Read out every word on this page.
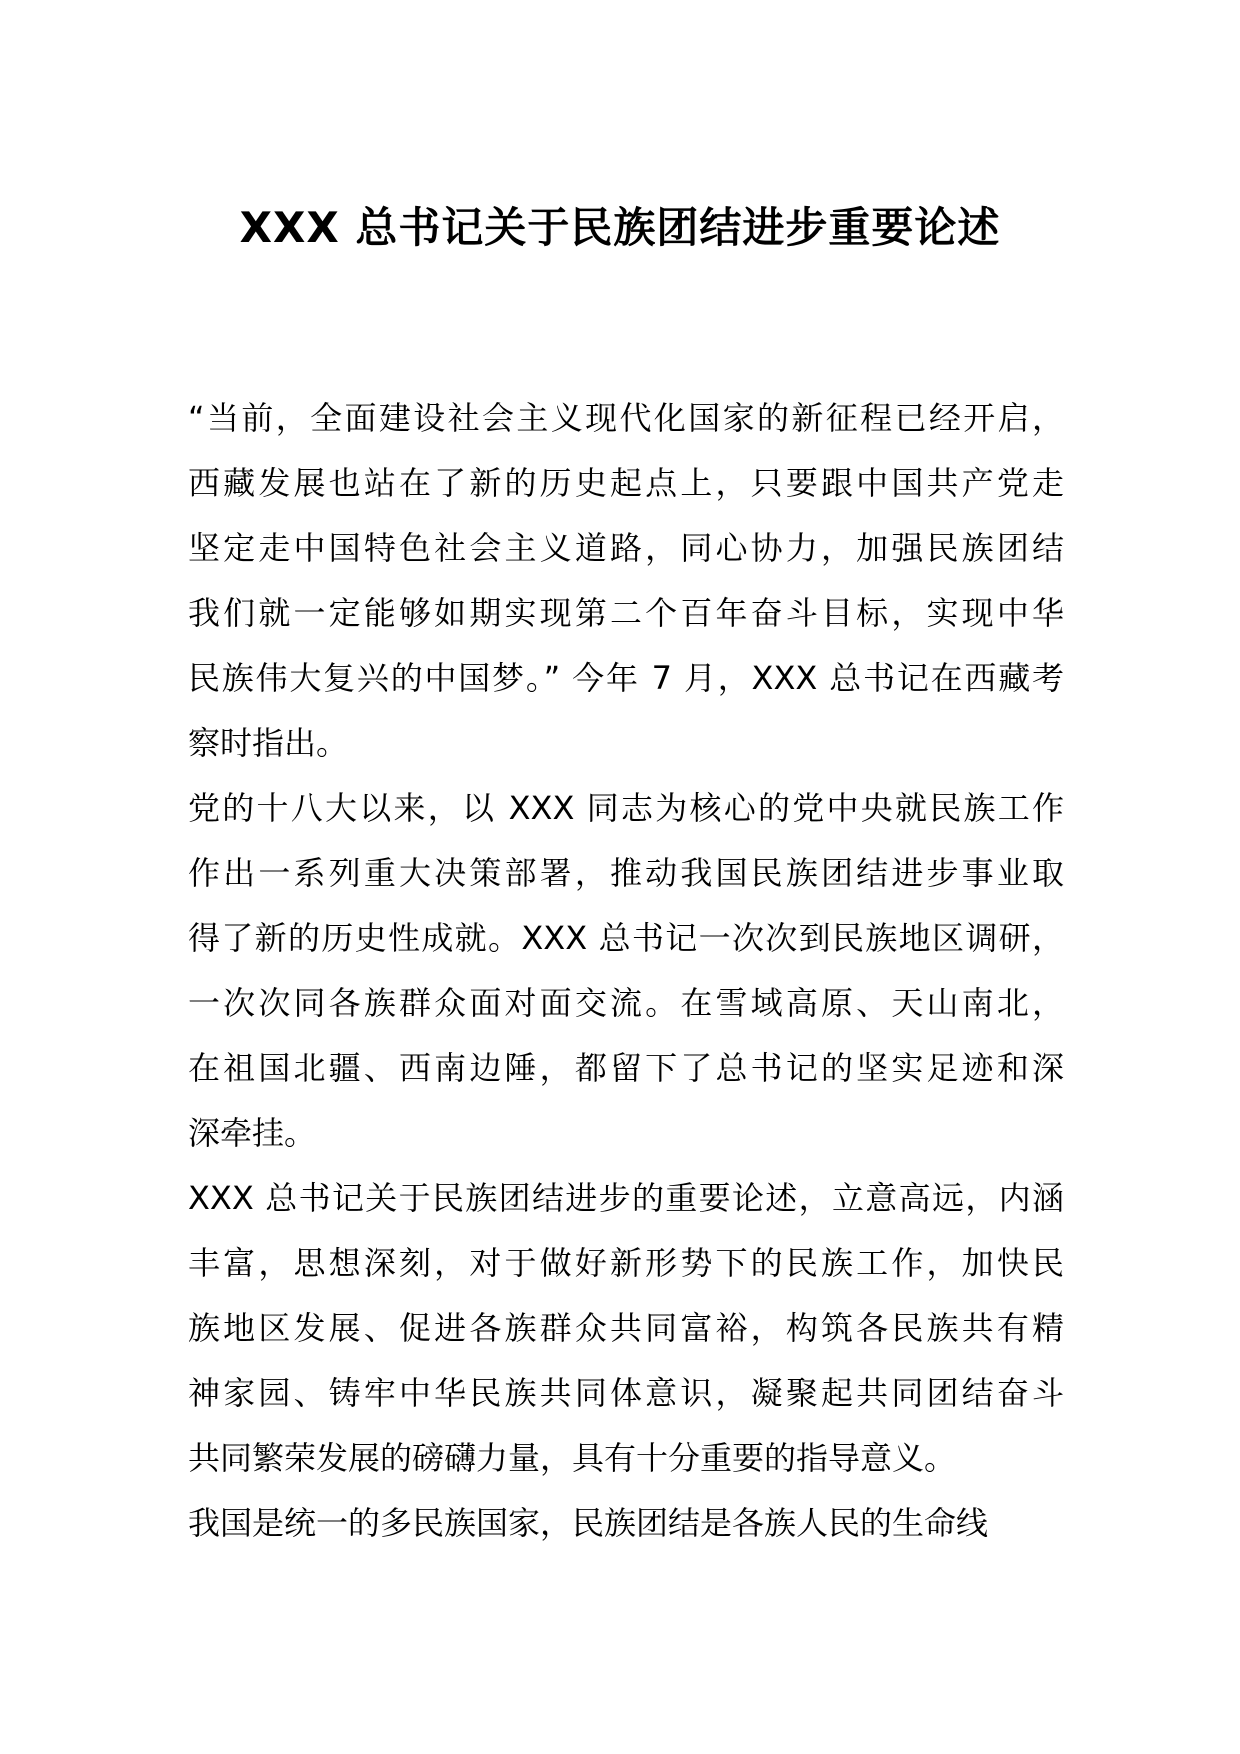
XXX 总书记关于民族团结进步重要论述
“当前，全面建设社会主义现代化国家的新征程已经开启，
西藏发展也站在了新的历史起点上，只要跟中国共产党走
坚定走中国特色社会主义道路，同心协力，加强民族团结
我们就一定能够如期实现第二个百年奋斗目标，实现中华
民族伟大复兴的中国梦。” 今年 7 月，XXX 总书记在西藏考
察时指出。
党的十八大以来，以 XXX 同志为核心的党中央就民族工作
作出一系列重大决策部署，推动我国民族团结进步事业取
得了新的历史性成就。XXX 总书记一次次到民族地区调研，
一次次同各族群众面对面交流。在雪域高原、天山南北，
在祖国北疆、西南边陲，都留下了总书记的坚实足迹和深
深牵挂。
XXX 总书记关于民族团结进步的重要论述，立意高远，内涵
丰富，思想深刻，对于做好新形势下的民族工作，加快民
族地区发展、促进各族群众共同富裕，构筑各民族共有精
神家园、铸牢中华民族共同体意识，凝聚起共同团结奋斗
共同繁荣发展的磅礴力量，具有十分重要的指导意义。
我国是统一的多民族国家，民族团结是各族人民的生命线
